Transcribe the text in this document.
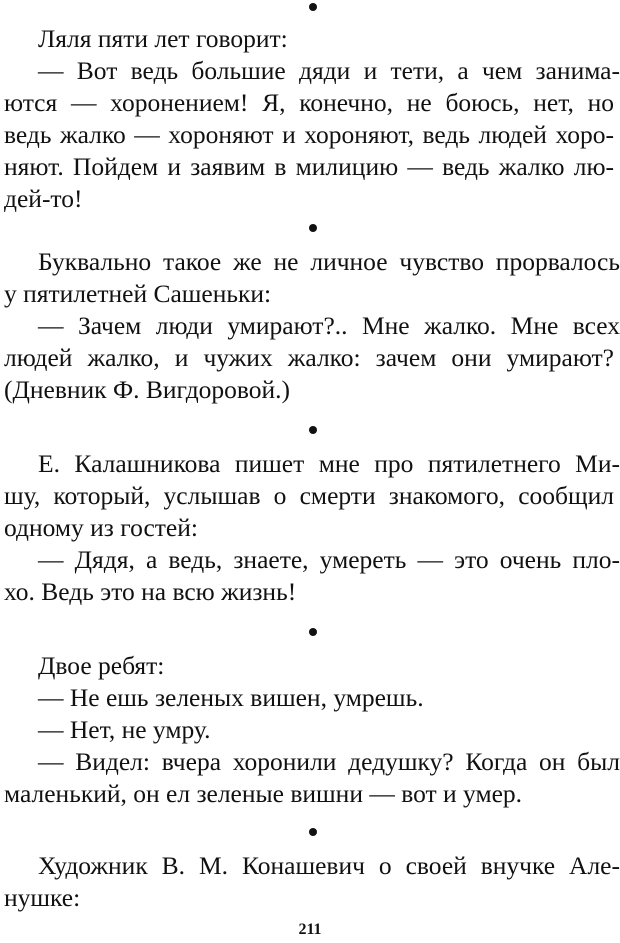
Ляля пяти лет говорит:
— Вот ведь большие дяди и тети, а чем занима-
ются — хоронением! Я, конечно, не боюсь, нет, но
ведь жалко — хороняют и хороняют, ведь людей хоро-
няют. Пойдем и заявим в милицию — ведь жалко лю-
дей-то!
Буквально такое же не личное чувство прорвалось
у пятилетней Сашеньки:
— Зачем люди умирают?.. Мне жалко. Мне всех
людей жалко, и чужих жалко: зачем они умирают?
(Дневник Ф. Вигдоровой.)
Е. Калашникова пишет мне про пятилетнего Ми-
шу, который, услышав о смерти знакомого, сообщил
одному из гостей:
— Дядя, а ведь, знаете, умереть — это очень пло-
хо. Ведь это на всю жизнь!
Двое ребят:
— Не ешь зеленых вишен, умрешь.
— Нет, не умру.
— Видел: вчера хоронили дедушку? Когда он был
маленький, он ел зеленые вишни — вот и умер.
Художник В. М. Конашевич о своей внучке Але-
нушке:
211
